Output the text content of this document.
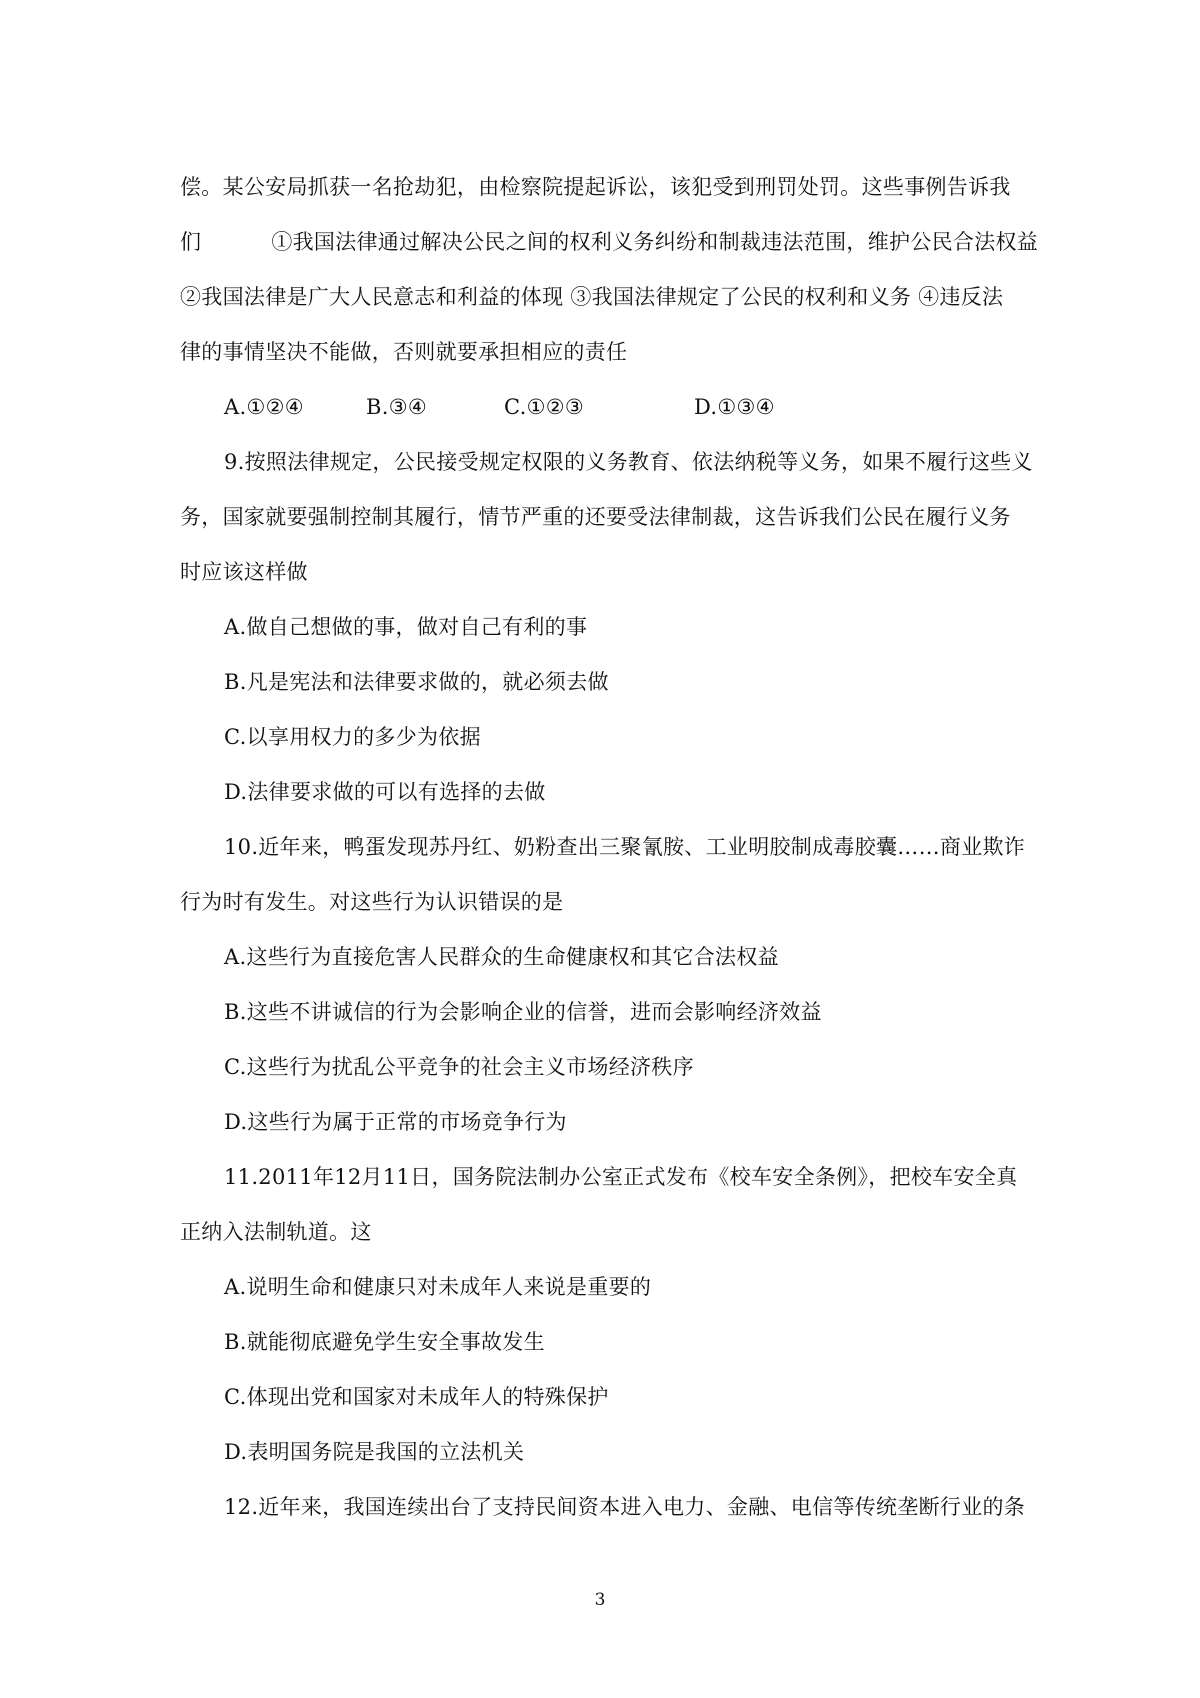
偿。某公安局抓获一名抢劫犯，由检察院提起诉讼，该犯受到刑罚处罚。这些事例告诉我
们	①我国法律通过解决公民之间的权利义务纠纷和制裁违法范围，维护公民合法权益
②我国法律是广大人民意志和利益的体现 ③我国法律规定了公民的权利和义务 ④违反法
律的事情坚决不能做，否则就要承担相应的责任
A.①②④	B.③④	C.①②③	D.①③④
9.按照法律规定，公民接受规定权限的义务教育、依法纳税等义务，如果不履行这些义
务，国家就要强制控制其履行，情节严重的还要受法律制裁，这告诉我们公民在履行义务
时应该这样做
A.做自己想做的事，做对自己有利的事
B.凡是宪法和法律要求做的，就必须去做
C.以享用权力的多少为依据
D.法律要求做的可以有选择的去做
10.近年来，鸭蛋发现苏丹红、奶粉查出三聚氰胺、工业明胶制成毒胶囊……商业欺诈
行为时有发生。对这些行为认识错误的是
A.这些行为直接危害人民群众的生命健康权和其它合法权益
B.这些不讲诚信的行为会影响企业的信誉，进而会影响经济效益
C.这些行为扰乱公平竞争的社会主义市场经济秩序
D.这些行为属于正常的市场竞争行为
11.2011年12月11日，国务院法制办公室正式发布《校车安全条例》，把校车安全真
正纳入法制轨道。这
A.说明生命和健康只对未成年人来说是重要的
B.就能彻底避免学生安全事故发生
C.体现出党和国家对未成年人的特殊保护
D.表明国务院是我国的立法机关
12.近年来，我国连续出台了支持民间资本进入电力、金融、电信等传统垄断行业的条
3
